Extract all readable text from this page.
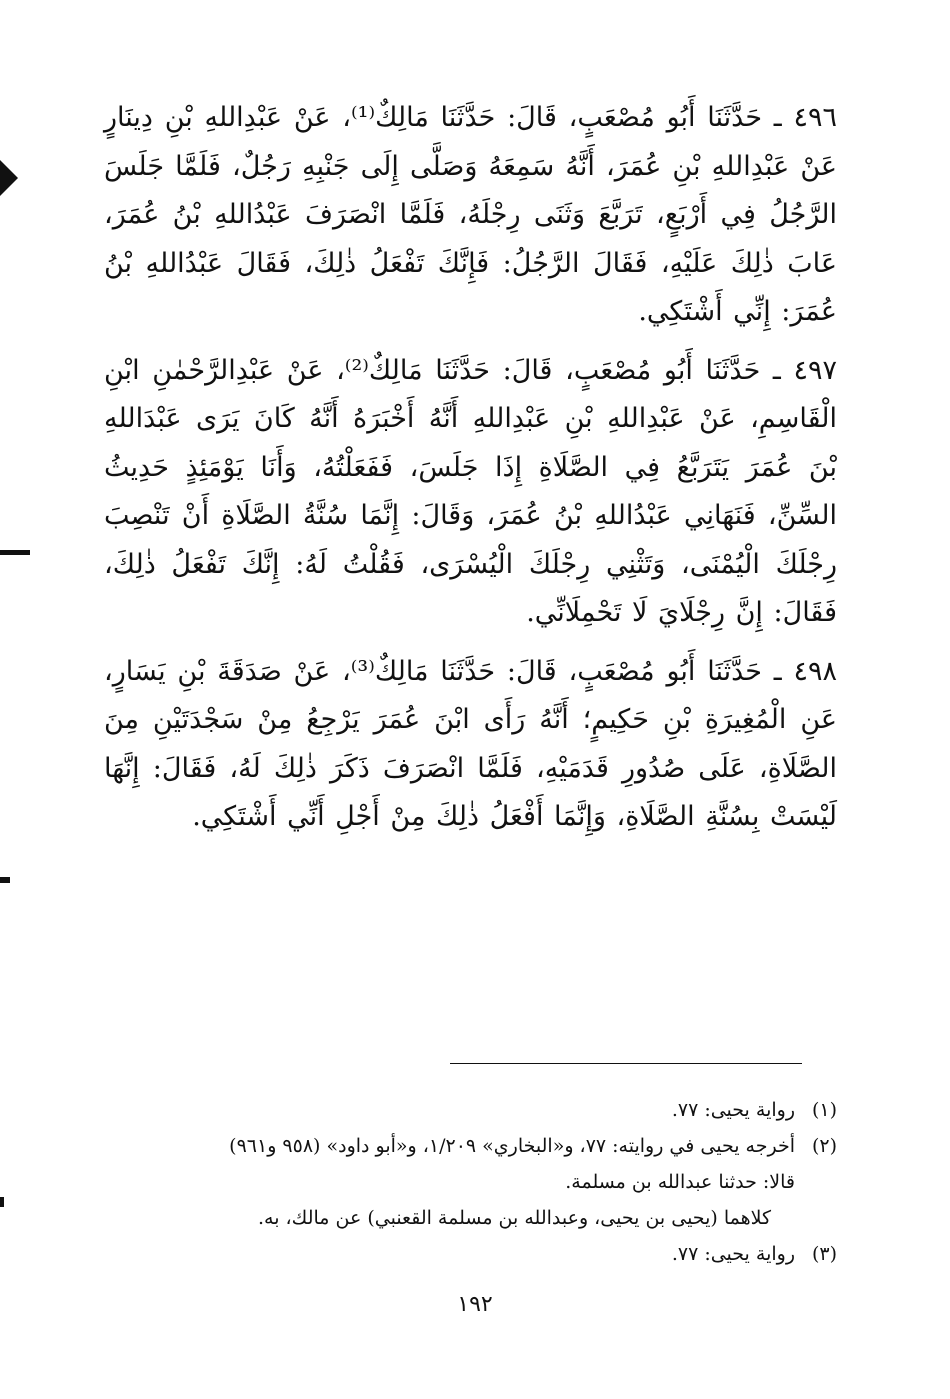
٤٩٦ ـ حَدَّثَنَا أَبُو مُصْعَبٍ، قَالَ: حَدَّثَنَا مَالِكٌ⁽¹⁾، عَنْ عَبْدِاللهِ بْنِ دِينَارٍ عَنْ عَبْدِاللهِ بْنِ عُمَرَ، أَنَّهُ سَمِعَهُ وَصَلَّى إِلَى جَنْبِهِ رَجُلٌ، فَلَمَّا جَلَسَ الرَّجُلُ فِي أَرْبَعٍ، تَرَبَّعَ وَثَنَى رِجْلَهُ، فَلَمَّا انْصَرَفَ عَبْدُاللهِ بْنُ عُمَرَ، عَابَ ذٰلِكَ عَلَيْهِ، فَقَالَ الرَّجُلُ: فَإِنَّكَ تَفْعَلُ ذٰلِكَ، فَقَالَ عَبْدُاللهِ بْنُ عُمَرَ: إِنِّي أَشْتَكِي.

٤٩٧ ـ حَدَّثَنَا أَبُو مُصْعَبٍ، قَالَ: حَدَّثَنَا مَالِكٌ⁽²⁾، عَنْ عَبْدِالرَّحْمٰنِ ابْنِ الْقَاسِمِ، عَنْ عَبْدِاللهِ بْنِ عَبْدِاللهِ أَنَّهُ أَخْبَرَهُ أَنَّهُ كَانَ يَرَى عَبْدَاللهِ بْنَ عُمَرَ يَتَرَبَّعُ فِي الصَّلَاةِ إِذَا جَلَسَ، فَفَعَلْتُهُ، وَأَنَا يَوْمَئِذٍ حَدِيثُ السِّنِّ، فَنَهَانِي عَبْدُاللهِ بْنُ عُمَرَ، وَقَالَ: إِنَّمَا سُنَّةُ الصَّلَاةِ أَنْ تَنْصِبَ رِجْلَكَ الْيُمْنَى، وَتَثْنِي رِجْلَكَ الْيُسْرَى، فَقُلْتُ لَهُ: إِنَّكَ تَفْعَلُ ذٰلِكَ، فَقَالَ: إِنَّ رِجْلَايَ لَا تَحْمِلَانِّي.

٤٩٨ ـ حَدَّثَنَا أَبُو مُصْعَبٍ، قَالَ: حَدَّثَنَا مَالِكٌ⁽³⁾، عَنْ صَدَقَةَ بْنِ يَسَارٍ، عَنِ الْمُغِيرَةِ بْنِ حَكِيمٍ؛ أَنَّهُ رَأَى ابْنَ عُمَرَ يَرْجِعُ مِنْ سَجْدَتَيْنِ مِنَ الصَّلَاةِ، عَلَى صُدُورِ قَدَمَيْهِ، فَلَمَّا انْصَرَفَ ذَكَرَ ذٰلِكَ لَهُ، فَقَالَ: إِنَّهَا لَيْسَتْ بِسُنَّةِ الصَّلَاةِ، وَإِنَّمَا أَفْعَلُ ذٰلِكَ مِنْ أَجْلِ أَنِّي أَشْتَكِي.

(١)
رواية يحيى: ٧٧.
(٢)
أخرجه يحيى في روايته: ٧٧، و«البخاري» ١/٢٠٩، و«أبو داود» (٩٥٨ و٩٦١)
قالا: حدثنا عبدالله بن مسلمة.
كلاهما (يحيى بن يحيى، وعبدالله بن مسلمة القعنبي) عن مالك، به.
(٣)
رواية يحيى: ٧٧.
١٩٢
